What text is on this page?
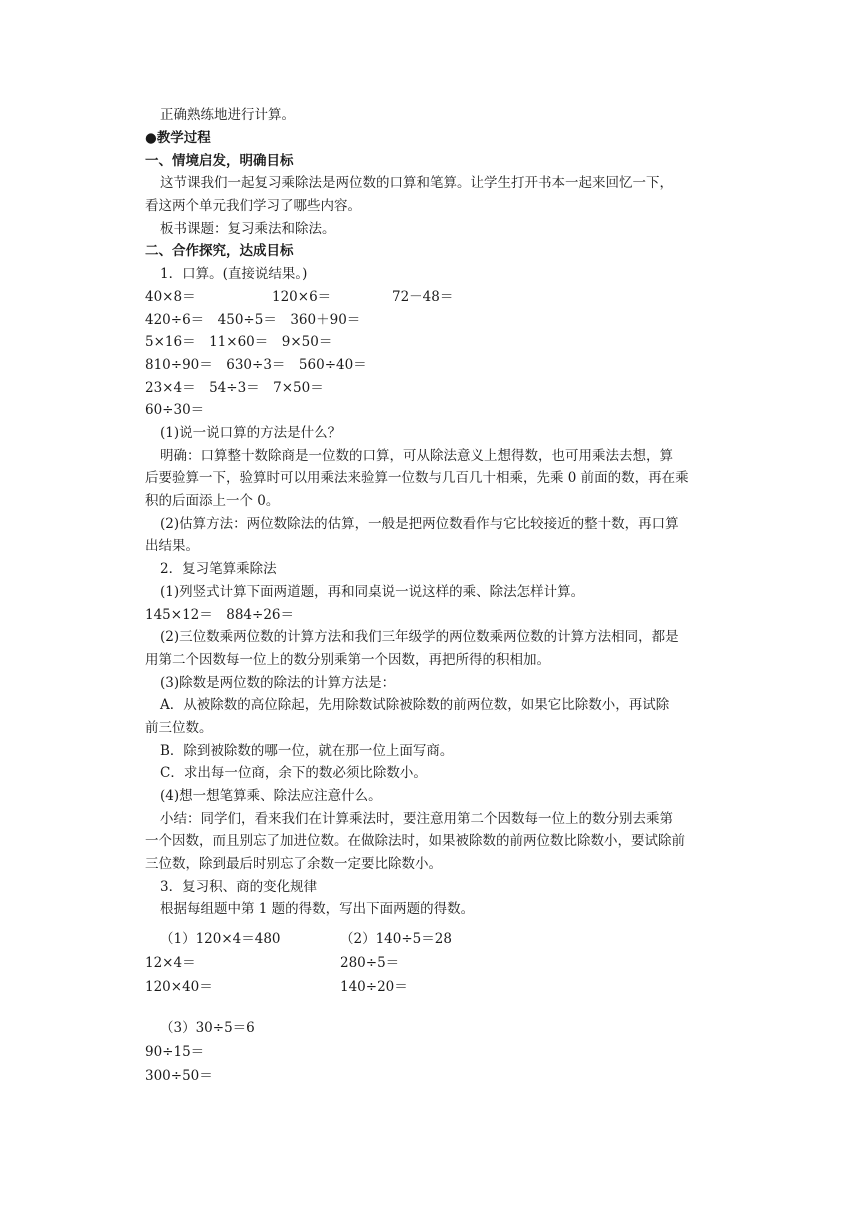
正确熟练地进行计算。
●教学过程
一、情境启发，明确目标
这节课我们一起复习乘除法是两位数的口算和笔算。让学生打开书本一起来回忆一下，
看这两个单元我们学习了哪些内容。
板书课题：复习乘法和除法。
二、合作探究，达成目标
1．口算。(直接说结果。)
40×8＝	120×6＝	72－48＝
420÷6＝　450÷5＝　360＋90＝
5×16＝　11×60＝　9×50＝
810÷90＝　630÷3＝　560÷40＝
23×4＝　54÷3＝　7×50＝
60÷30＝
(1)说一说口算的方法是什么？
明确：口算整十数除商是一位数的口算，可从除法意义上想得数，也可用乘法去想，算
后要验算一下，验算时可以用乘法来验算一位数与几百几十相乘，先乘 0 前面的数，再在乘
积的后面添上一个 0。
(2)估算方法：两位数除法的估算，一般是把两位数看作与它比较接近的整十数，再口算
出结果。
2．复习笔算乘除法
(1)列竖式计算下面两道题，再和同桌说一说这样的乘、除法怎样计算。
145×12＝　884÷26＝
(2)三位数乘两位数的计算方法和我们三年级学的两位数乘两位数的计算方法相同，都是
用第二个因数每一位上的数分别乘第一个因数，再把所得的积相加。
(3)除数是两位数的除法的计算方法是：
A．从被除数的高位除起，先用除数试除被除数的前两位数，如果它比除数小，再试除
前三位数。
B．除到被除数的哪一位，就在那一位上面写商。
C．求出每一位商，余下的数必须比除数小。
(4)想一想笔算乘、除法应注意什么。
小结：同学们，看来我们在计算乘法时，要注意用第二个因数每一位上的数分别去乘第
一个因数，而且别忘了加进位数。在做除法时，如果被除数的前两位数比除数小，要试除前
三位数，除到最后时别忘了余数一定要比除数小。
3．复习积、商的变化规律
根据每组题中第 1 题的得数，写出下面两题的得数。
（1）120×4＝480
12×4＝
120×40＝
（2）140÷5＝28
280÷5＝
140÷20＝
（3）30÷5＝6
90÷15＝
300÷50＝
